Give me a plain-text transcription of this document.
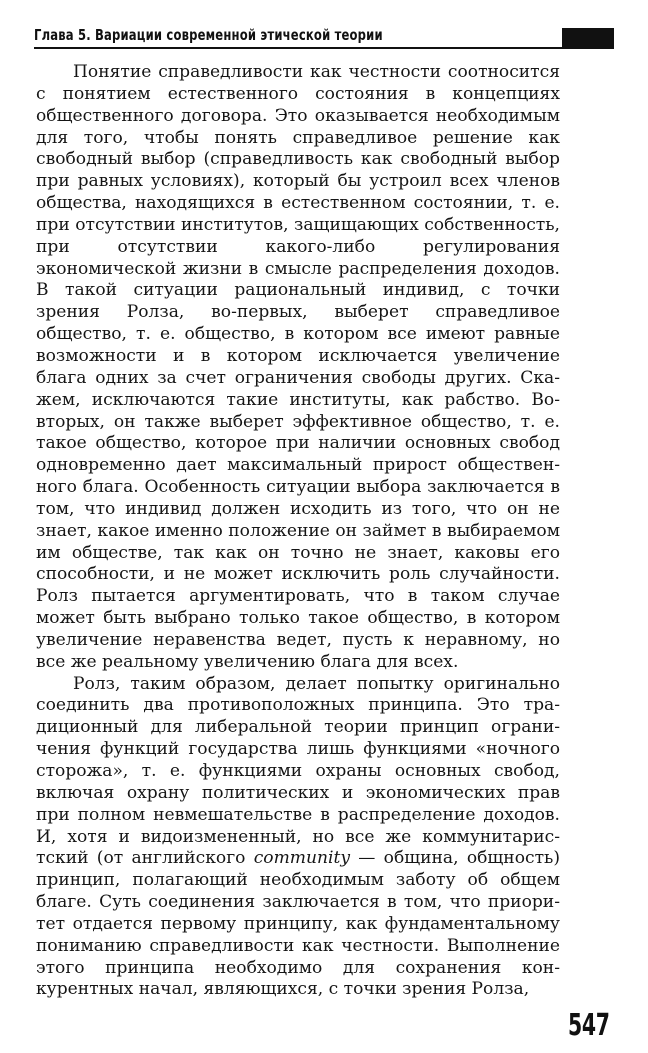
Глава 5. Вариации современной этической теории

Понятие справедливости как честности соотносится с понятием естественного состояния в концепциях общественного договора. Это оказывается необходимым для того, чтобы понять справедливое решение как свободный выбор (справедливость как свободный выбор при равных условиях), который бы устроил всех членов общества, находящихся в естественном состоянии, т. е. при отсутствии институтов, защищающих собственность, при отсутствии какого-либо регулирования экономической жизни в смысле распределения доходов. В такой ситуации рациональный индивид, с точки зрения Ролза, во-первых, выберет справедливое общество, т. е. общество, в котором все имеют равные возможности и в котором исключается увеличение блага одних за счет ограничения свободы других. Скажем, исключаются такие институты, как рабство. Во-вторых, он также выберет эффективное общество, т. е. такое общество, которое при наличии основных свобод одновременно дает максимальный прирост общественного блага. Особенность ситуации выбора заключается в том, что индивид должен исходить из того, что он не знает, какое именно положение он займет в выбираемом им обществе, так как он точно не знает, каковы его способности, и не может исключить роль случайности. Ролз пытается аргументировать, что в таком случае может быть выбрано только такое общество, в котором увеличение неравенства ведет, пусть к неравному, но все же реальному увеличению блага для всех.

Ролз, таким образом, делает попытку оригинально соединить два противоположных принципа. Это традиционный для либеральной теории принцип ограничения функций государства лишь функциями «ночного сторожа», т. е. функциями охраны основных свобод, включая охрану политических и экономических прав при полном невмешательстве в распределение доходов. И, хотя и видоизмененный, но все же коммунитаристский (от английского community — община, общность) принцип, полагающий необходимым заботу об общем благе. Суть соединения заключается в том, что приоритет отдается первому принципу, как фундаментальному пониманию справедливости как честности. Выполнение этого принципа необходимо для сохранения конкурентных начал, являющихся, с точки зрения Ролза,

547
